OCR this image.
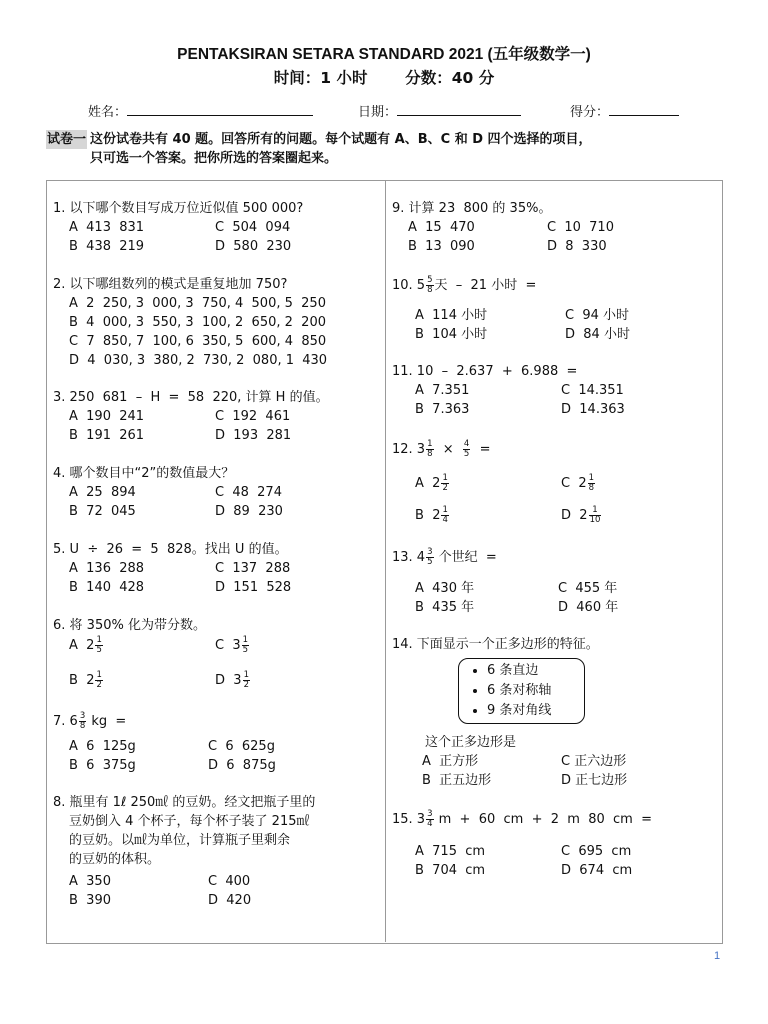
PENTAKSIRAN SETARA STANDARD 2021 (五年级数学一)
时间：1 小时       分数：40 分
姓名：	日期：	得分：
试卷一 这份试卷共有 40 题。回答所有的问题。每个试题有 A、B、C 和 D 四个选择的项目，
只可选一个答案。把你所选的答案圈起来。
1. 以下哪个数目写成万位近似值 500 000?
A  413  831
B  438  219
C  504  094
D  580  230
2. 以下哪组数列的模式是重复地加 750?
A  2  250, 3  000, 3  750, 4  500, 5  250
B  4  000, 3  550, 3  100, 2  650, 2  200
C  7  850, 7  100, 6  350, 5  600, 4  850
D  4  030, 3  380, 2  730, 2  080, 1  430
3. 250  681  –  H  =  58  220, 计算 H 的值。
A  190  241
B  191  261
C  192  461
D  193  281
4. 哪个数目中“2”的数值最大？
A  25  894
B  72  045
C  48  274
D  89  230
5. U  ÷  26  =  5  828。找出 U 的值。
A  136  288
B  140  428
C  137  288
D  151  528
6. 将 350% 化为带分数。
A $2 \frac{1}{5}$
B $2 \frac{1}{2}$
C $3 \frac{1}{5}$
D $3 \frac{1}{2}$
7. $6 \frac{3}{8}$ kg  =
A  6  125g
B  6  375g
C  6  625g
D  6  875g
8. 瓶里有 1ℓ 250㎖ 的豆奶。经文把瓶子里的
豆奶倒入 4 个杯子，每个杯子装了 215㎖
的豆奶。以㎖为单位，计算瓶子里剩余
的豆奶的体积。
A  350
B  390
C  400
D  420
9. 计算 23  800 的 35%。
A  15  470
B  13  090
C  10  710
D  8  330
10. $5 \frac{5}{8}$ 天  –  21 小时  =
A  114 小时
B  104 小时
C  94 小时
D  84 小时
11. 10  –  2.637  +  6.988  =
A  7.351
B  7.363
C  14.351
D  14.363
12. $3 \frac{1}{8} \times \frac{4}{5}$ =
A $2 \frac{1}{2}$
B $2 \frac{1}{4}$
C $2 \frac{1}{8}$
D $2 \frac{1}{10}$
13. $4 \frac{3}{5}$ 个世纪  =
A  430 年
B  435 年
C  455 年
D  460 年
14. 下面显示一个正多边形的特征。
• 6 条直边
• 6 条对称轴
• 9 条对角线
这个正多边形是
A  正方形
B  正五边形
C 正六边形
D 正七边形
15. $3 \frac{3}{4}$ m  +  60  cm  +  2  m  80  cm  =
A  715  cm
B  704  cm
C  695  cm
D  674  cm
1
